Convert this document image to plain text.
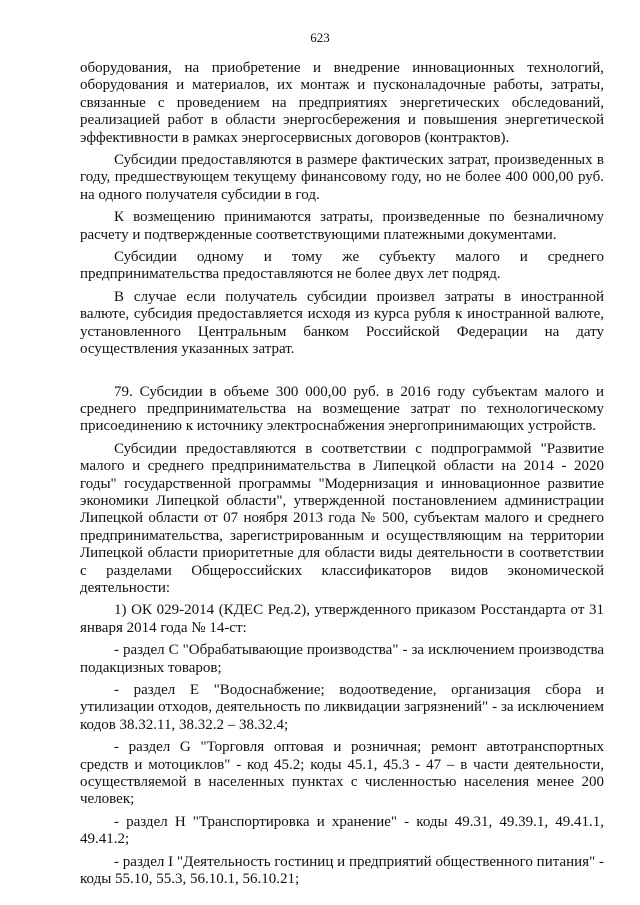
623

оборудования, на приобретение и внедрение инновационных технологий, оборудования и материалов, их монтаж и пусконаладочные работы, затраты, связанные с проведением на предприятиях энергетических обследований, реализацией работ в области энергосбережения и повышения энергетической эффективности в рамках энергосервисных договоров (контрактов).

Субсидии предоставляются в размере фактических затрат, произведенных в году, предшествующем текущему финансовому году, но не более 400 000,00 руб. на одного получателя субсидии в год.

К возмещению принимаются затраты, произведенные по безналичному расчету и подтвержденные соответствующими платежными документами.

Субсидии одному и тому же субъекту малого и среднего предпринимательства предоставляются не более двух лет подряд.

В случае если получатель субсидии произвел затраты в иностранной валюте, субсидия предоставляется исходя из курса рубля к иностранной валюте, установленного Центральным банком Российской Федерации на дату осуществления указанных затрат.

79. Субсидии в объеме 300 000,00 руб. в 2016 году субъектам малого и среднего предпринимательства на возмещение затрат по технологическому присоединению к источнику электроснабжения энергопринимающих устройств.

Субсидии предоставляются в соответствии с подпрограммой "Развитие малого и среднего предпринимательства в Липецкой области на 2014 - 2020 годы" государственной программы "Модернизация и инновационное развитие экономики Липецкой области", утвержденной постановлением администрации Липецкой области от 07 ноября 2013 года № 500, субъектам малого и среднего предпринимательства, зарегистрированным и осуществляющим на территории Липецкой области приоритетные для области виды деятельности в соответствии с разделами Общероссийских классификаторов видов экономической деятельности:

1) ОК 029-2014 (КДЕС Ред.2), утвержденного приказом Росстандарта от 31 января 2014 года № 14-ст:

- раздел С "Обрабатывающие производства" - за исключением производства подакцизных товаров;

- раздел Е "Водоснабжение; водоотведение, организация сбора и утилизации отходов, деятельность по ликвидации загрязнений" - за исключением кодов 38.32.11, 38.32.2 – 38.32.4;

- раздел G "Торговля оптовая и розничная; ремонт автотранспортных средств и мотоциклов" - код 45.2; коды 45.1, 45.3 - 47 – в части деятельности, осуществляемой в населенных пунктах с численностью населения менее 200 человек;

- раздел Н "Транспортировка и хранение" - коды 49.31, 49.39.1, 49.41.1, 49.41.2;

- раздел I "Деятельность гостиниц и предприятий общественного питания" - коды 55.10, 55.3, 56.10.1, 56.10.21;
